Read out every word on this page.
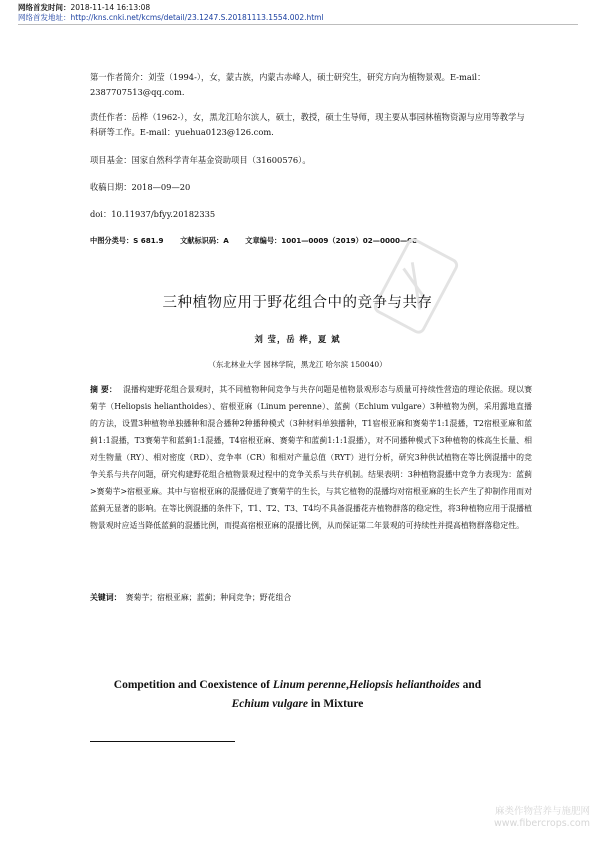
网络首发时间：2018-11-14 16:13:08
网络首发地址：http://kns.cnki.net/kcms/detail/23.1247.S.20181113.1554.002.html
第一作者简介：刘莹（1994-），女，蒙古族，内蒙古赤峰人，硕士研究生，研究方向为植物景观。E-mail：2387707513@qq.com.
责任作者：岳桦（1962-），女，黑龙江哈尔滨人，硕士，教授，硕士生导师，现主要从事园林植物资源与应用等教学与科研等工作。E-mail：yuehua0123@126.com.
项目基金：国家自然科学青年基金资助项目（31600576）。
收稿日期：2018—09—20
doi：10.11937/bfyy.20182335
中图分类号：S 681.9 文献标识码：A 文章编号：1001—0009（2019）02—0000—08
三种植物应用于野花组合中的竞争与共存
刘 莹，岳 桦，夏 斌
（东北林业大学 园林学院，黑龙江 哈尔滨 150040）
摘 要： 混播构建野花组合景观时，其不同植物种间竞争与共存问题是植物景观形态与质量可持续性营造的理论依据。现以赛菊芋（Heliopsis helianthoides）、宿根亚麻（Linum perenne）、蓝蓟（Echium vulgare）3种植物为例，采用露地直播的方法，设置3种植物单独播种和混合播种2种播种模式（3种材料单独播种，T1宿根亚麻和赛菊芋1:1混播，T2宿根亚麻和蓝蓟1:1混播，T3赛菊芋和蓝蓟1:1混播，T4宿根亚麻、赛菊芋和蓝蓟1:1:1混播），对不同播种模式下3种植物的株高生长量、相对生物量（RY）、相对密度（RD）、竞争率（CR）和相对产量总值（RYT）进行分析，研究3种供试植物在等比例混播中的竞争关系与共存问题，研究构建野花组合植物景观过程中的竞争关系与共存机制。结果表明：3种植物混播中竞争力表现为：蓝蓟>赛菊芋>宿根亚麻。其中与宿根亚麻的混播促进了赛菊芋的生长，与其它植物的混播均对宿根亚麻的生长产生了抑制作用而对蓝蓟无显著的影响。在等比例混播的条件下，T1、T2、T3、T4均不具备混播花卉植物群落的稳定性，将3种植物应用于混播植物景观时应适当降低蓝蓟的混播比例，而提高宿根亚麻的混播比例，从而保证第二年景观的可持续性并提高植物群落稳定性。
关键词： 赛菊芋；宿根亚麻；蓝蓟；种间竞争；野花组合
Competition and Coexistence of Linum perenne,Heliopsis helianthoides and
Echium vulgare in Mixture
麻类作物营养与施肥网
www.fibercrops.com
